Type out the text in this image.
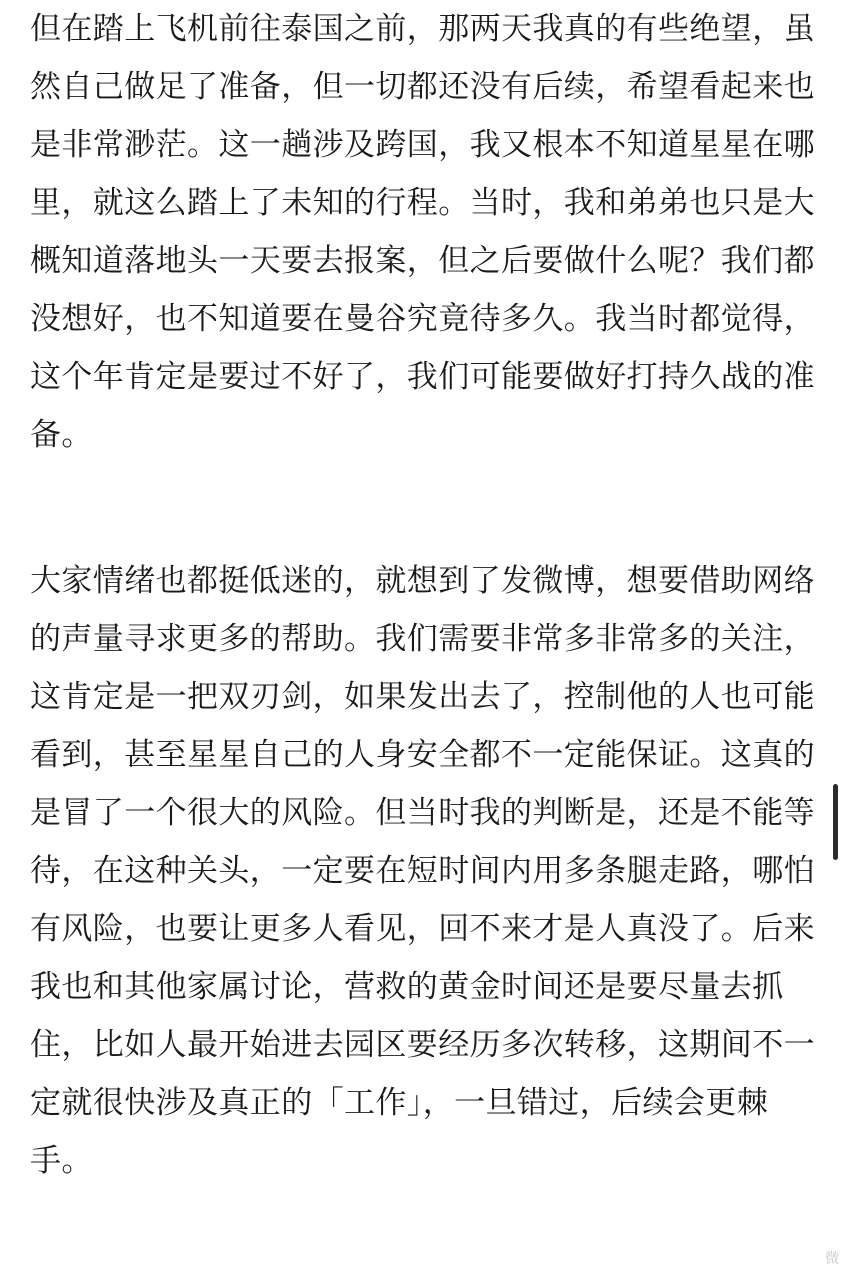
但在踏上飞机前往泰国之前，那两天我真的有些绝望，虽
然自己做足了准备，但一切都还没有后续，希望看起来也
是非常渺茫。这一趟涉及跨国，我又根本不知道星星在哪
里，就这么踏上了未知的行程。当时，我和弟弟也只是大
概知道落地头一天要去报案，但之后要做什么呢？我们都
没想好，也不知道要在曼谷究竟待多久。我当时都觉得，
这个年肯定是要过不好了，我们可能要做好打持久战的准
备。
大家情绪也都挺低迷的，就想到了发微博，想要借助网络
的声量寻求更多的帮助。我们需要非常多非常多的关注，
这肯定是一把双刃剑，如果发出去了，控制他的人也可能
看到，甚至星星自己的人身安全都不一定能保证。这真的
是冒了一个很大的风险。但当时我的判断是，还是不能等
待，在这种关头，一定要在短时间内用多条腿走路，哪怕
有风险，也要让更多人看见，回不来才是人真没了。后来
我也和其他家属讨论，营救的黄金时间还是要尽量去抓
住，比如人最开始进去园区要经历多次转移，这期间不一
定就很快涉及真正的「工作」，一旦错过，后续会更棘
手。
微
